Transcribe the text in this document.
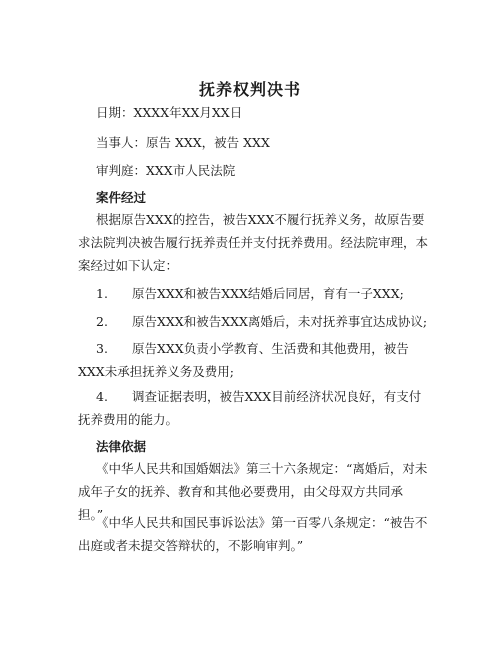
抚养权判决书
日期：XXXX年XX月XX日
当事人：原告 XXX，被告 XXX
审判庭：XXX市人民法院
案件经过
根据原告XXX的控告，被告XXX不履行抚养义务，故原告要求法院判决被告履行抚养责任并支付抚养费用。经法院审理，本案经过如下认定：
1. 原告XXX和被告XXX结婚后同居，育有一子XXX;
2. 原告XXX和被告XXX离婚后，未对抚养事宜达成协议;
3. 原告XXX负责小学教育、生活费和其他费用，被告XXX未承担抚养义务及费用;
4. 调查证据表明，被告XXX目前经济状况良好，有支付抚养费用的能力。
法律依据
《中华人民共和国婚姻法》第三十六条规定：“离婚后，对未成年子女的抚养、教育和其他必要费用，由父母双方共同承担。”
《中华人民共和国民事诉讼法》第一百零八条规定：“被告不出庭或者未提交答辩状的，不影响审判。”
